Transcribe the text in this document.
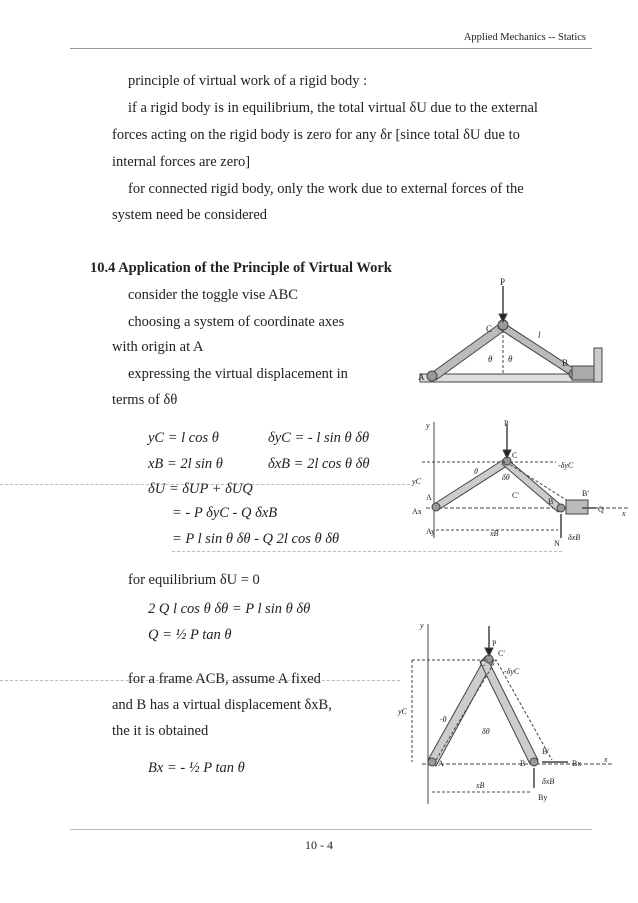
Applied Mechanics -- Statics
principle of virtual work of a rigid body :
if a rigid body is in equilibrium, the total virtual δU due to the external
forces acting on the rigid body is zero for any δr [since total δU due to
internal forces are zero]
for connected rigid body, only the work due to external forces of the
system need be considered
10.4 Application of the Principle of Virtual Work
consider the toggle vise ABC
choosing a system of coordinate axes
with origin at A
expressing the virtual displacement in
terms of δθ
yC = l cos θ	δyC = - l sin θ δθ
xB = 2l sin θ	δxB = 2l cos θ δθ
δU = δUP + δUQ
= - P δyC - Q δxB
= P l sin θ δθ - Q 2l cos θ δθ
for equilibrium δU = 0
2 Q l cos θ δθ = P l sin θ δθ
Q = ½ P tan θ
for a frame ACB, assume A fixed
and B has a virtual displacement δxB,
the it is obtained
Bx = - ½ P tan θ
P
C
l
θ θ
A
B
y	P
C
θ
δθ
-δyC
yC
A
Ax
Ay
B
B'
C'
Q x
N
xB	δxB
y
P
C
C'
-δyC
yC
-θ
δθ
A	B
B'
Bx
By
x
xB	δxB
10 - 4
